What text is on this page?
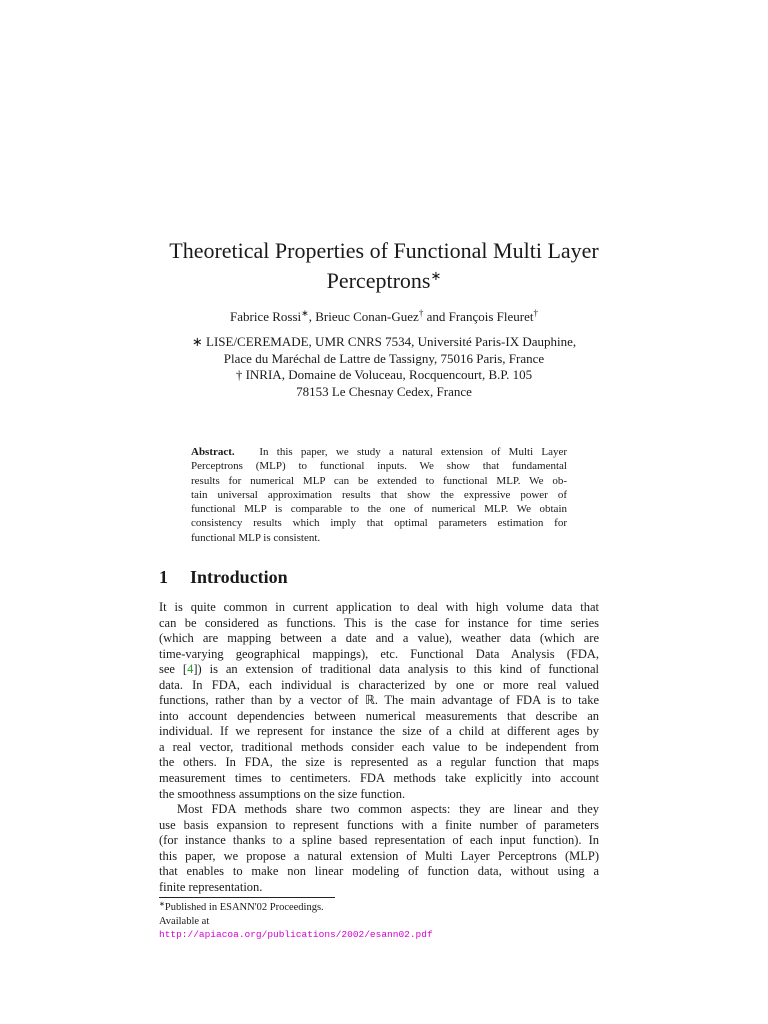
Theoretical Properties of Functional Multi Layer
Perceptrons∗
Fabrice Rossi∗, Brieuc Conan-Guez† and François Fleuret†
∗ LISE/CEREMADE, UMR CNRS 7534, Université Paris-IX Dauphine,
Place du Maréchal de Lattre de Tassigny, 75016 Paris, France
† INRIA, Domaine de Voluceau, Rocquencourt, B.P. 105
78153 Le Chesnay Cedex, France
Abstract. In this paper, we study a natural extension of Multi Layer
Perceptrons (MLP) to functional inputs. We show that fundamental
results for numerical MLP can be extended to functional MLP. We ob-
tain universal approximation results that show the expressive power of
functional MLP is comparable to the one of numerical MLP. We obtain
consistency results which imply that optimal parameters estimation for
functional MLP is consistent.
1 Introduction
It is quite common in current application to deal with high volume data that
can be considered as functions. This is the case for instance for time series
(which are mapping between a date and a value), weather data (which are
time-varying geographical mappings), etc. Functional Data Analysis (FDA,
see [4]) is an extension of traditional data analysis to this kind of functional
data. In FDA, each individual is characterized by one or more real valued
functions, rather than by a vector of ℝ. The main advantage of FDA is to take
into account dependencies between numerical measurements that describe an
individual. If we represent for instance the size of a child at different ages by
a real vector, traditional methods consider each value to be independent from
the others. In FDA, the size is represented as a regular function that maps
measurement times to centimeters. FDA methods take explicitly into account
the smoothness assumptions on the size function.
Most FDA methods share two common aspects: they are linear and they
use basis expansion to represent functions with a finite number of parameters
(for instance thanks to a spline based representation of each input function). In
this paper, we propose a natural extension of Multi Layer Perceptrons (MLP)
that enables to make non linear modeling of function data, without using a
finite representation.
∗Published in ESANN'02 Proceedings.
Available at
http://apiacoa.org/publications/2002/esann02.pdf
